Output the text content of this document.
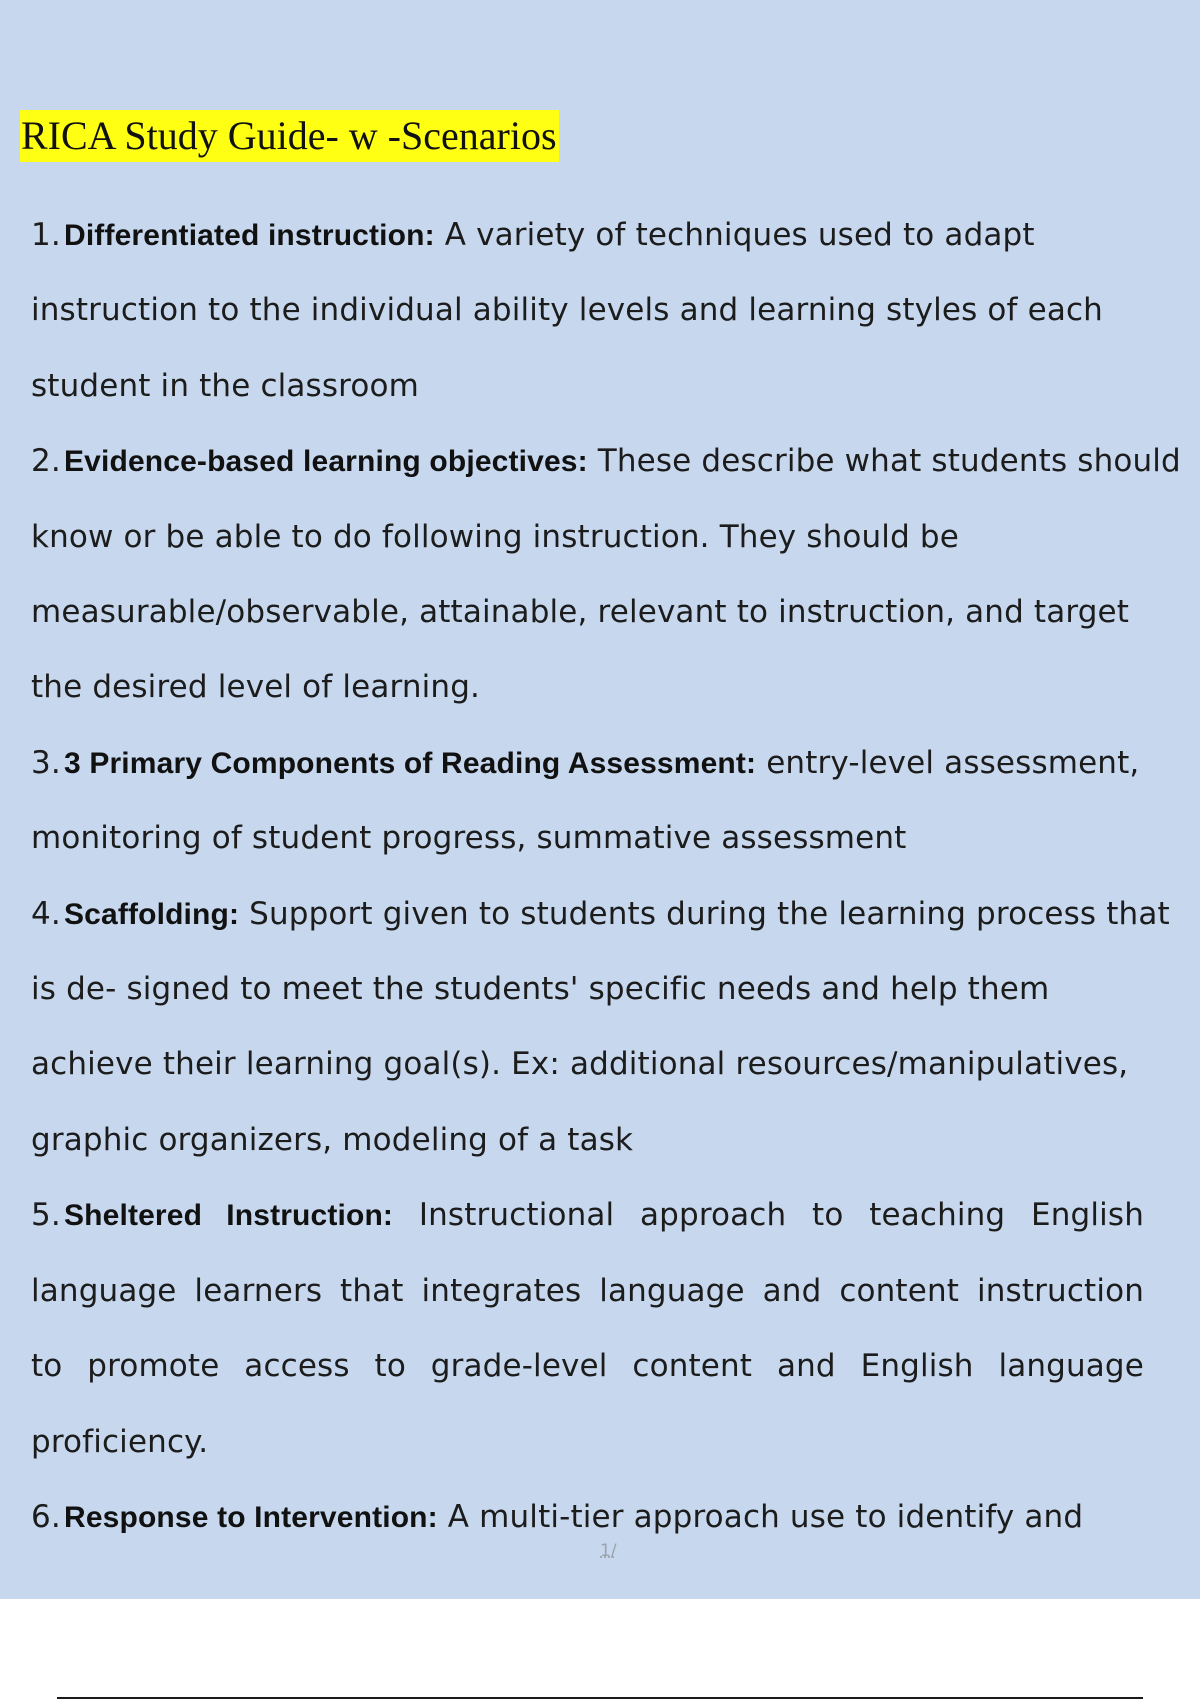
RICA Study Guide- w -Scenarios
1. Differentiated instruction: A variety of techniques used to adapt instruction to the individual ability levels and learning styles of each student in the classroom
2. Evidence-based learning objectives: These describe what students should know or be able to do following instruction. They should be measurable/observable, attainable, relevant to instruction, and target the desired level of learning.
3. 3 Primary Components of Reading Assessment: entry-level assessment, monitoring of student progress, summative assessment
4. Scaffolding: Support given to students during the learning process that is de- signed to meet the students' specific needs and help them achieve their learning goal(s). Ex: additional resources/manipulatives, graphic organizers, modeling of a task
5. Sheltered Instruction: Instructional approach to teaching English language learners that integrates language and content instruction to promote access to grade-level content and English language proficiency.
6. Response to Intervention: A multi-tier approach use to identify and
1/
